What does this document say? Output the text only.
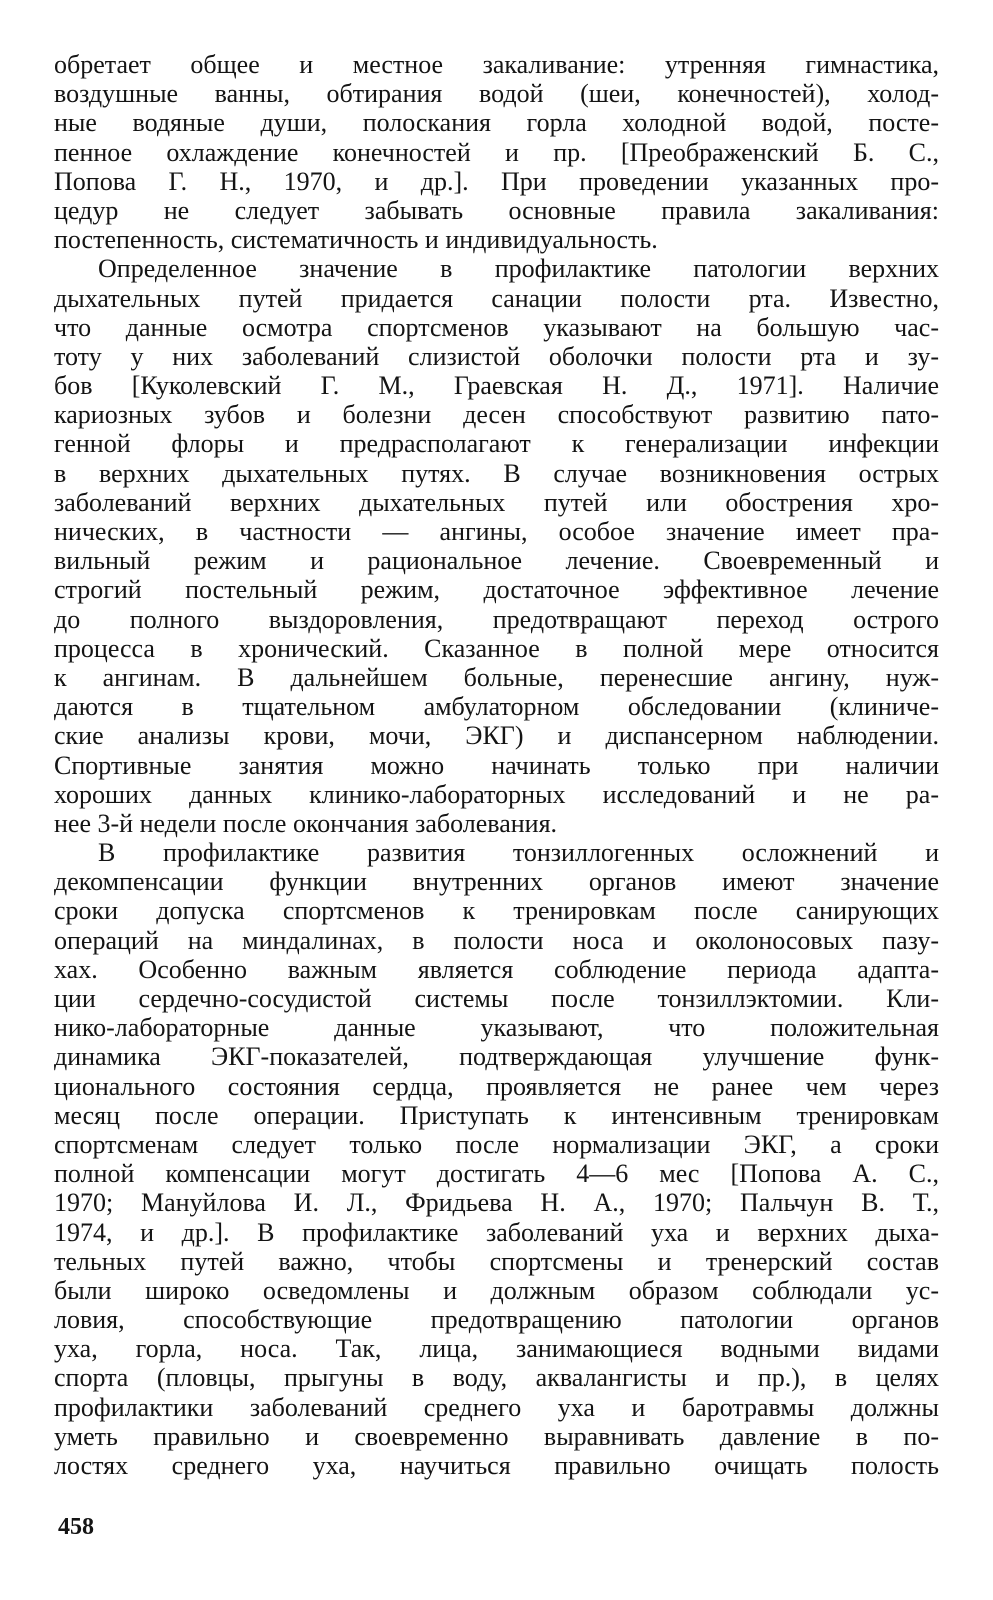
обретает общее и местное закаливание: утренняя гимнастика,
воздушные ванны, обтирания водой (шеи, конечностей), холод-
ные водяные души, полоскания горла холодной водой, посте-
пенное охлаждение конечностей и пр. [Преображенский Б. С.,
Попова Г. Н., 1970, и др.]. При проведении указанных про-
цедур не следует забывать основные правила закаливания:
постепенность, систематичность и индивидуальность.
Определенное значение в профилактике патологии верхних
дыхательных путей придается санации полости рта. Известно,
что данные осмотра спортсменов указывают на большую час-
тоту у них заболеваний слизистой оболочки полости рта и зу-
бов [Куколевский Г. М., Граевская Н. Д., 1971]. Наличие
кариозных зубов и болезни десен способствуют развитию пато-
генной флоры и предрасполагают к генерализации инфекции
в верхних дыхательных путях. В случае возникновения острых
заболеваний верхних дыхательных путей или обострения хро-
нических, в частности — ангины, особое значение имеет пра-
вильный режим и рациональное лечение. Своевременный и
строгий постельный режим, достаточное эффективное лечение
до полного выздоровления, предотвращают переход острого
процесса в хронический. Сказанное в полной мере относится
к ангинам. В дальнейшем больные, перенесшие ангину, нуж-
даются в тщательном амбулаторном обследовании (клиниче-
ские анализы крови, мочи, ЭКГ) и диспансерном наблюдении.
Спортивные занятия можно начинать только при наличии
хороших данных клинико-лабораторных исследований и не ра-
нее 3-й недели после окончания заболевания.
В профилактике развития тонзиллогенных осложнений и
декомпенсации функции внутренних органов имеют значение
сроки допуска спортсменов к тренировкам после санирующих
операций на миндалинах, в полости носа и околоносовых пазу-
хах. Особенно важным является соблюдение периода адапта-
ции сердечно-сосудистой системы после тонзиллэктомии. Кли-
нико-лабораторные данные указывают, что положительная
динамика ЭКГ-показателей, подтверждающая улучшение функ-
ционального состояния сердца, проявляется не ранее чем через
месяц после операции. Приступать к интенсивным тренировкам
спортсменам следует только после нормализации ЭКГ, а сроки
полной компенсации могут достигать 4—6 мес [Попова А. С.,
1970; Мануйлова И. Л., Фридьева Н. А., 1970; Пальчун В. Т.,
1974, и др.]. В профилактике заболеваний уха и верхних дыха-
тельных путей важно, чтобы спортсмены и тренерский состав
были широко осведомлены и должным образом соблюдали ус-
ловия, способствующие предотвращению патологии органов
уха, горла, носа. Так, лица, занимающиеся водными видами
спорта (пловцы, прыгуны в воду, аквалангисты и пр.), в целях
профилактики заболеваний среднего уха и баротравмы должны
уметь правильно и своевременно выравнивать давление в по-
лостях среднего уха, научиться правильно очищать полость
458
